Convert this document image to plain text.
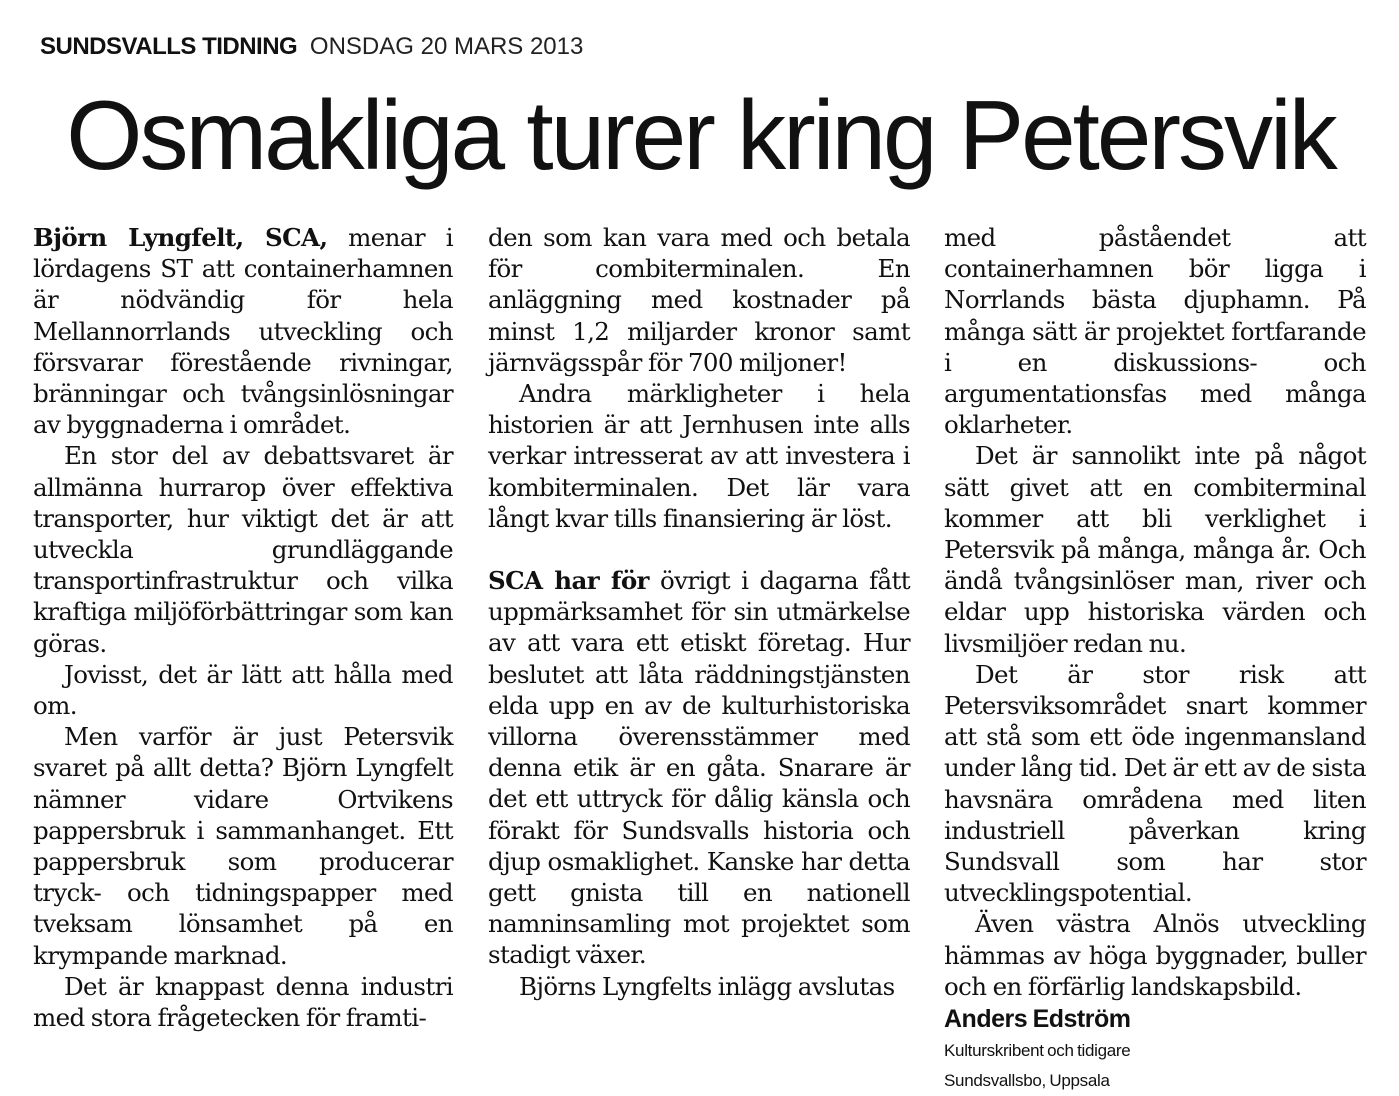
SUNDSVALLS TIDNING ONSDAG 20 MARS 2013
Osmakliga turer kring Petersvik

Björn Lyngfelt, SCA, menar i lördagens ST att containerhamnen är nödvändig för hela Mellannorrlands utveckling och försvarar förestående rivningar, bränningar och tvångsinlösningar av byggnaderna i området.

En stor del av debattsvaret är allmänna hurrarop över effektiva transporter, hur viktigt det är att utveckla grundläggande transportinfrastruktur och vilka kraftiga miljöförbättringar som kan göras.

Jovisst, det är lätt att hålla med om.

Men varför är just Petersvik svaret på allt detta? Björn Lyngfelt nämner vidare Ortvikens pappersbruk i sammanhanget. Ett pappersbruk som producerar tryck- och tidningspapper med tveksam lönsamhet på en krympande marknad.

Det är knappast denna industri med stora frågetecken för framti-

den som kan vara med och betala för combiterminalen. En anläggning med kostnader på minst 1,2 miljarder kronor samt järnvägsspår för 700 miljoner!

Andra märkligheter i hela historien är att Jernhusen inte alls verkar intresserat av att investera i kombiterminalen. Det lär vara långt kvar tills finansiering är löst.

SCA har för övrigt i dagarna fått uppmärksamhet för sin utmärkelse av att vara ett etiskt företag. Hur beslutet att låta räddningstjänsten elda upp en av de kulturhistoriska villorna överensstämmer med denna etik är en gåta. Snarare är det ett uttryck för dålig känsla och förakt för Sundsvalls historia och djup osmaklighet. Kanske har detta gett gnista till en nationell namninsamling mot projektet som stadigt växer.

Björns Lyngfelts inlägg avslutas

med påståendet att containerhamnen bör ligga i Norrlands bästa djuphamn. På många sätt är projektet fortfarande i en diskussions- och argumentationsfas med många oklarheter.

Det är sannolikt inte på något sätt givet att en combiterminal kommer att bli verklighet i Petersvik på många, många år. Och ändå tvångsinlöser man, river och eldar upp historiska värden och livsmiljöer redan nu.

Det är stor risk att Petersviksområdet snart kommer att stå som ett öde ingenmansland under lång tid. Det är ett av de sista havsnära områdena med liten industriell påverkan kring Sundsvall som har stor utvecklingspotential.

Även västra Alnös utveckling hämmas av höga byggnader, buller och en förfärlig landskapsbild.

Anders Edström

Kulturskribent och tidigare

Sundsvallsbo, Uppsala
